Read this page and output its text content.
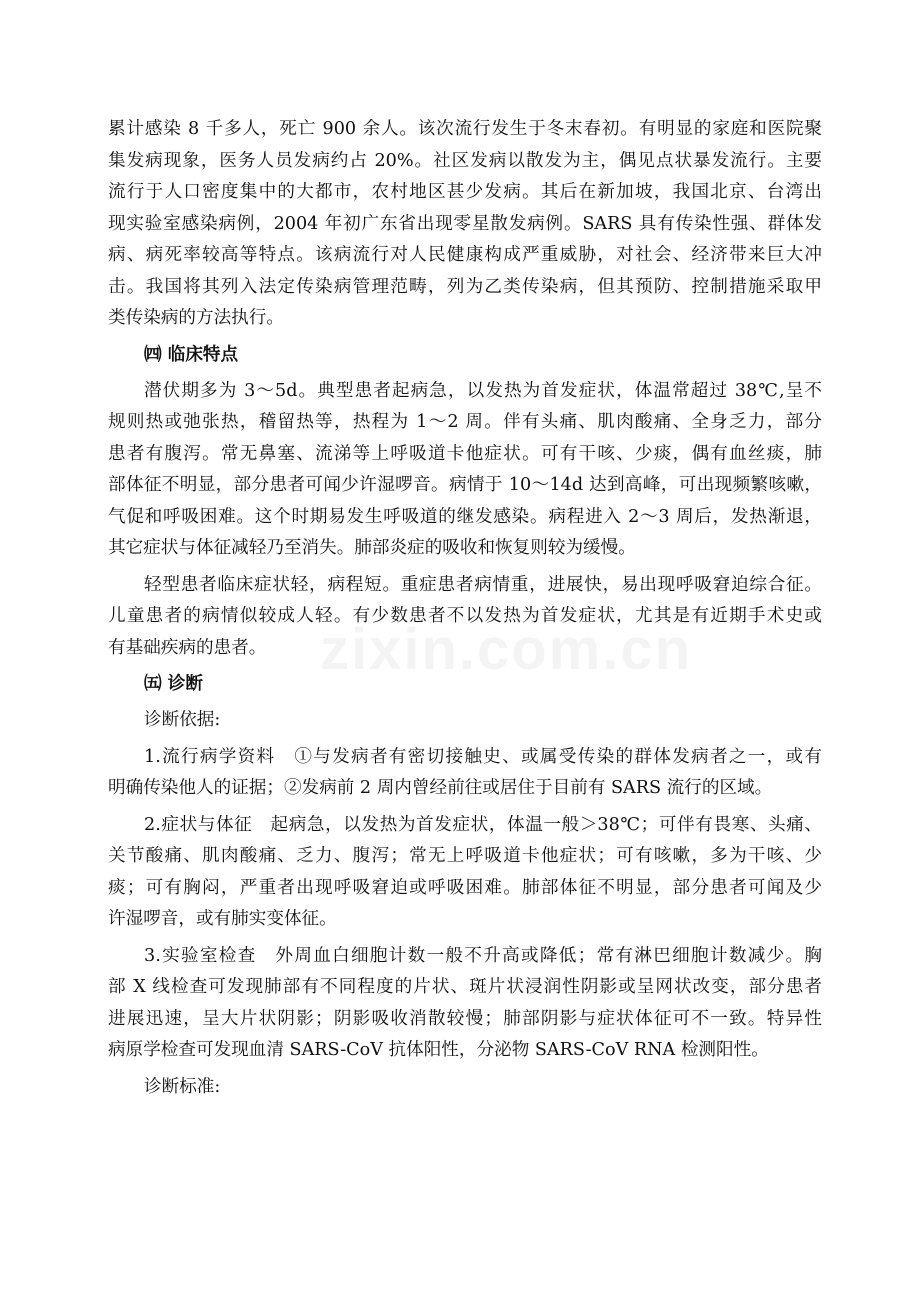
zixin.com.cn
累计感染 8 千多人，死亡 900 余人。该次流行发生于冬末春初。有明显的家庭和医院聚
集发病现象，医务人员发病约占 20%。社区发病以散发为主，偶见点状暴发流行。主要
流行于人口密度集中的大都市，农村地区甚少发病。其后在新加坡，我国北京、台湾出
现实验室感染病例，2004 年初广东省出现零星散发病例。SARS 具有传染性强、群体发
病、病死率较高等特点。该病流行对人民健康构成严重威胁，对社会、经济带来巨大冲
击。我国将其列入法定传染病管理范畴，列为乙类传染病，但其预防、控制措施采取甲
类传染病的方法执行。
㈣ 临床特点
潜伏期多为 3～5d。典型患者起病急，以发热为首发症状，体温常超过 38℃,呈不
规则热或弛张热，稽留热等，热程为 1～2 周。伴有头痛、肌肉酸痛、全身乏力，部分
患者有腹泻。常无鼻塞、流涕等上呼吸道卡他症状。可有干咳、少痰，偶有血丝痰，肺
部体征不明显，部分患者可闻少许湿啰音。病情于 10～14d 达到高峰，可出现频繁咳嗽，
气促和呼吸困难。这个时期易发生呼吸道的继发感染。病程进入 2～3 周后，发热渐退，
其它症状与体征减轻乃至消失。肺部炎症的吸收和恢复则较为缓慢。
轻型患者临床症状轻，病程短。重症患者病情重，进展快，易出现呼吸窘迫综合征。
儿童患者的病情似较成人轻。有少数患者不以发热为首发症状，尤其是有近期手术史或
有基础疾病的患者。
㈤ 诊断
诊断依据:
1.流行病学资料　①与发病者有密切接触史、或属受传染的群体发病者之一，或有
明确传染他人的证据；②发病前 2 周内曾经前往或居住于目前有 SARS 流行的区域。
2.症状与体征　起病急，以发热为首发症状，体温一般＞38℃；可伴有畏寒、头痛、
关节酸痛、肌肉酸痛、乏力、腹泻；常无上呼吸道卡他症状；可有咳嗽，多为干咳、少
痰；可有胸闷，严重者出现呼吸窘迫或呼吸困难。肺部体征不明显，部分患者可闻及少
许湿啰音，或有肺实变体征。
3.实验室检查　外周血白细胞计数一般不升高或降低；常有淋巴细胞计数减少。胸
部 X 线检查可发现肺部有不同程度的片状、斑片状浸润性阴影或呈网状改变，部分患者
进展迅速，呈大片状阴影；阴影吸收消散较慢；肺部阴影与症状体征可不一致。特异性
病原学检查可发现血清 SARS-CoV 抗体阳性，分泌物 SARS-CoV RNA 检测阳性。
诊断标准:
